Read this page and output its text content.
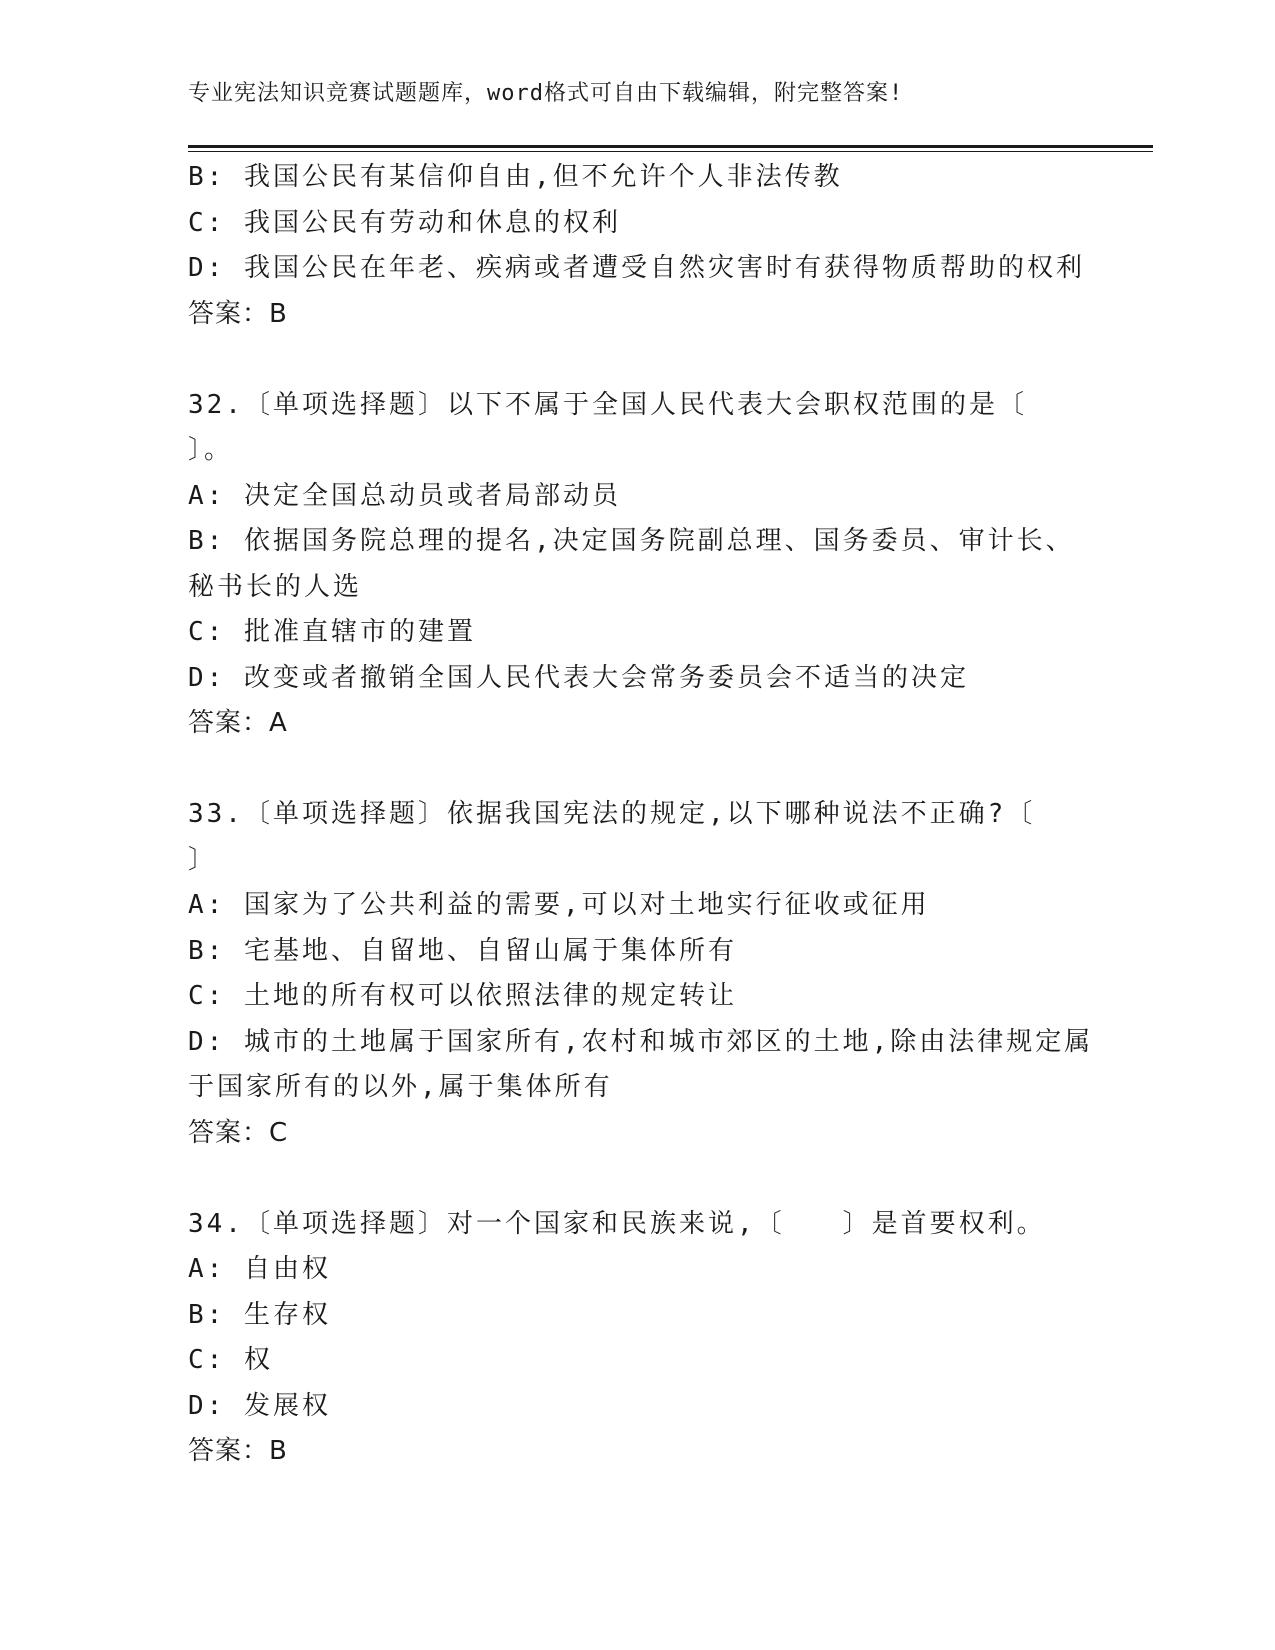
专业宪法知识竞赛试题题库，word格式可自由下载编辑，附完整答案!
B: 我国公民有某信仰自由,但不允许个人非法传教
C: 我国公民有劳动和休息的权利
D: 我国公民在年老、疾病或者遭受自然灾害时有获得物质帮助的权利
答案：B
32.〔单项选择题〕以下不属于全国人民代表大会职权范围的是〔
〕。
A: 决定全国总动员或者局部动员
B: 依据国务院总理的提名,决定国务院副总理、国务委员、审计长、
秘书长的人选
C: 批准直辖市的建置
D: 改变或者撤销全国人民代表大会常务委员会不适当的决定
答案：A
33.〔单项选择题〕依据我国宪法的规定,以下哪种说法不正确?〔
〕
A: 国家为了公共利益的需要,可以对土地实行征收或征用
B: 宅基地、自留地、自留山属于集体所有
C: 土地的所有权可以依照法律的规定转让
D: 城市的土地属于国家所有,农村和城市郊区的土地,除由法律规定属
于国家所有的以外,属于集体所有
答案：C
34.〔单项选择题〕对一个国家和民族来说,〔　　〕是首要权利。
A: 自由权
B: 生存权
C: 权
D: 发展权
答案：B
